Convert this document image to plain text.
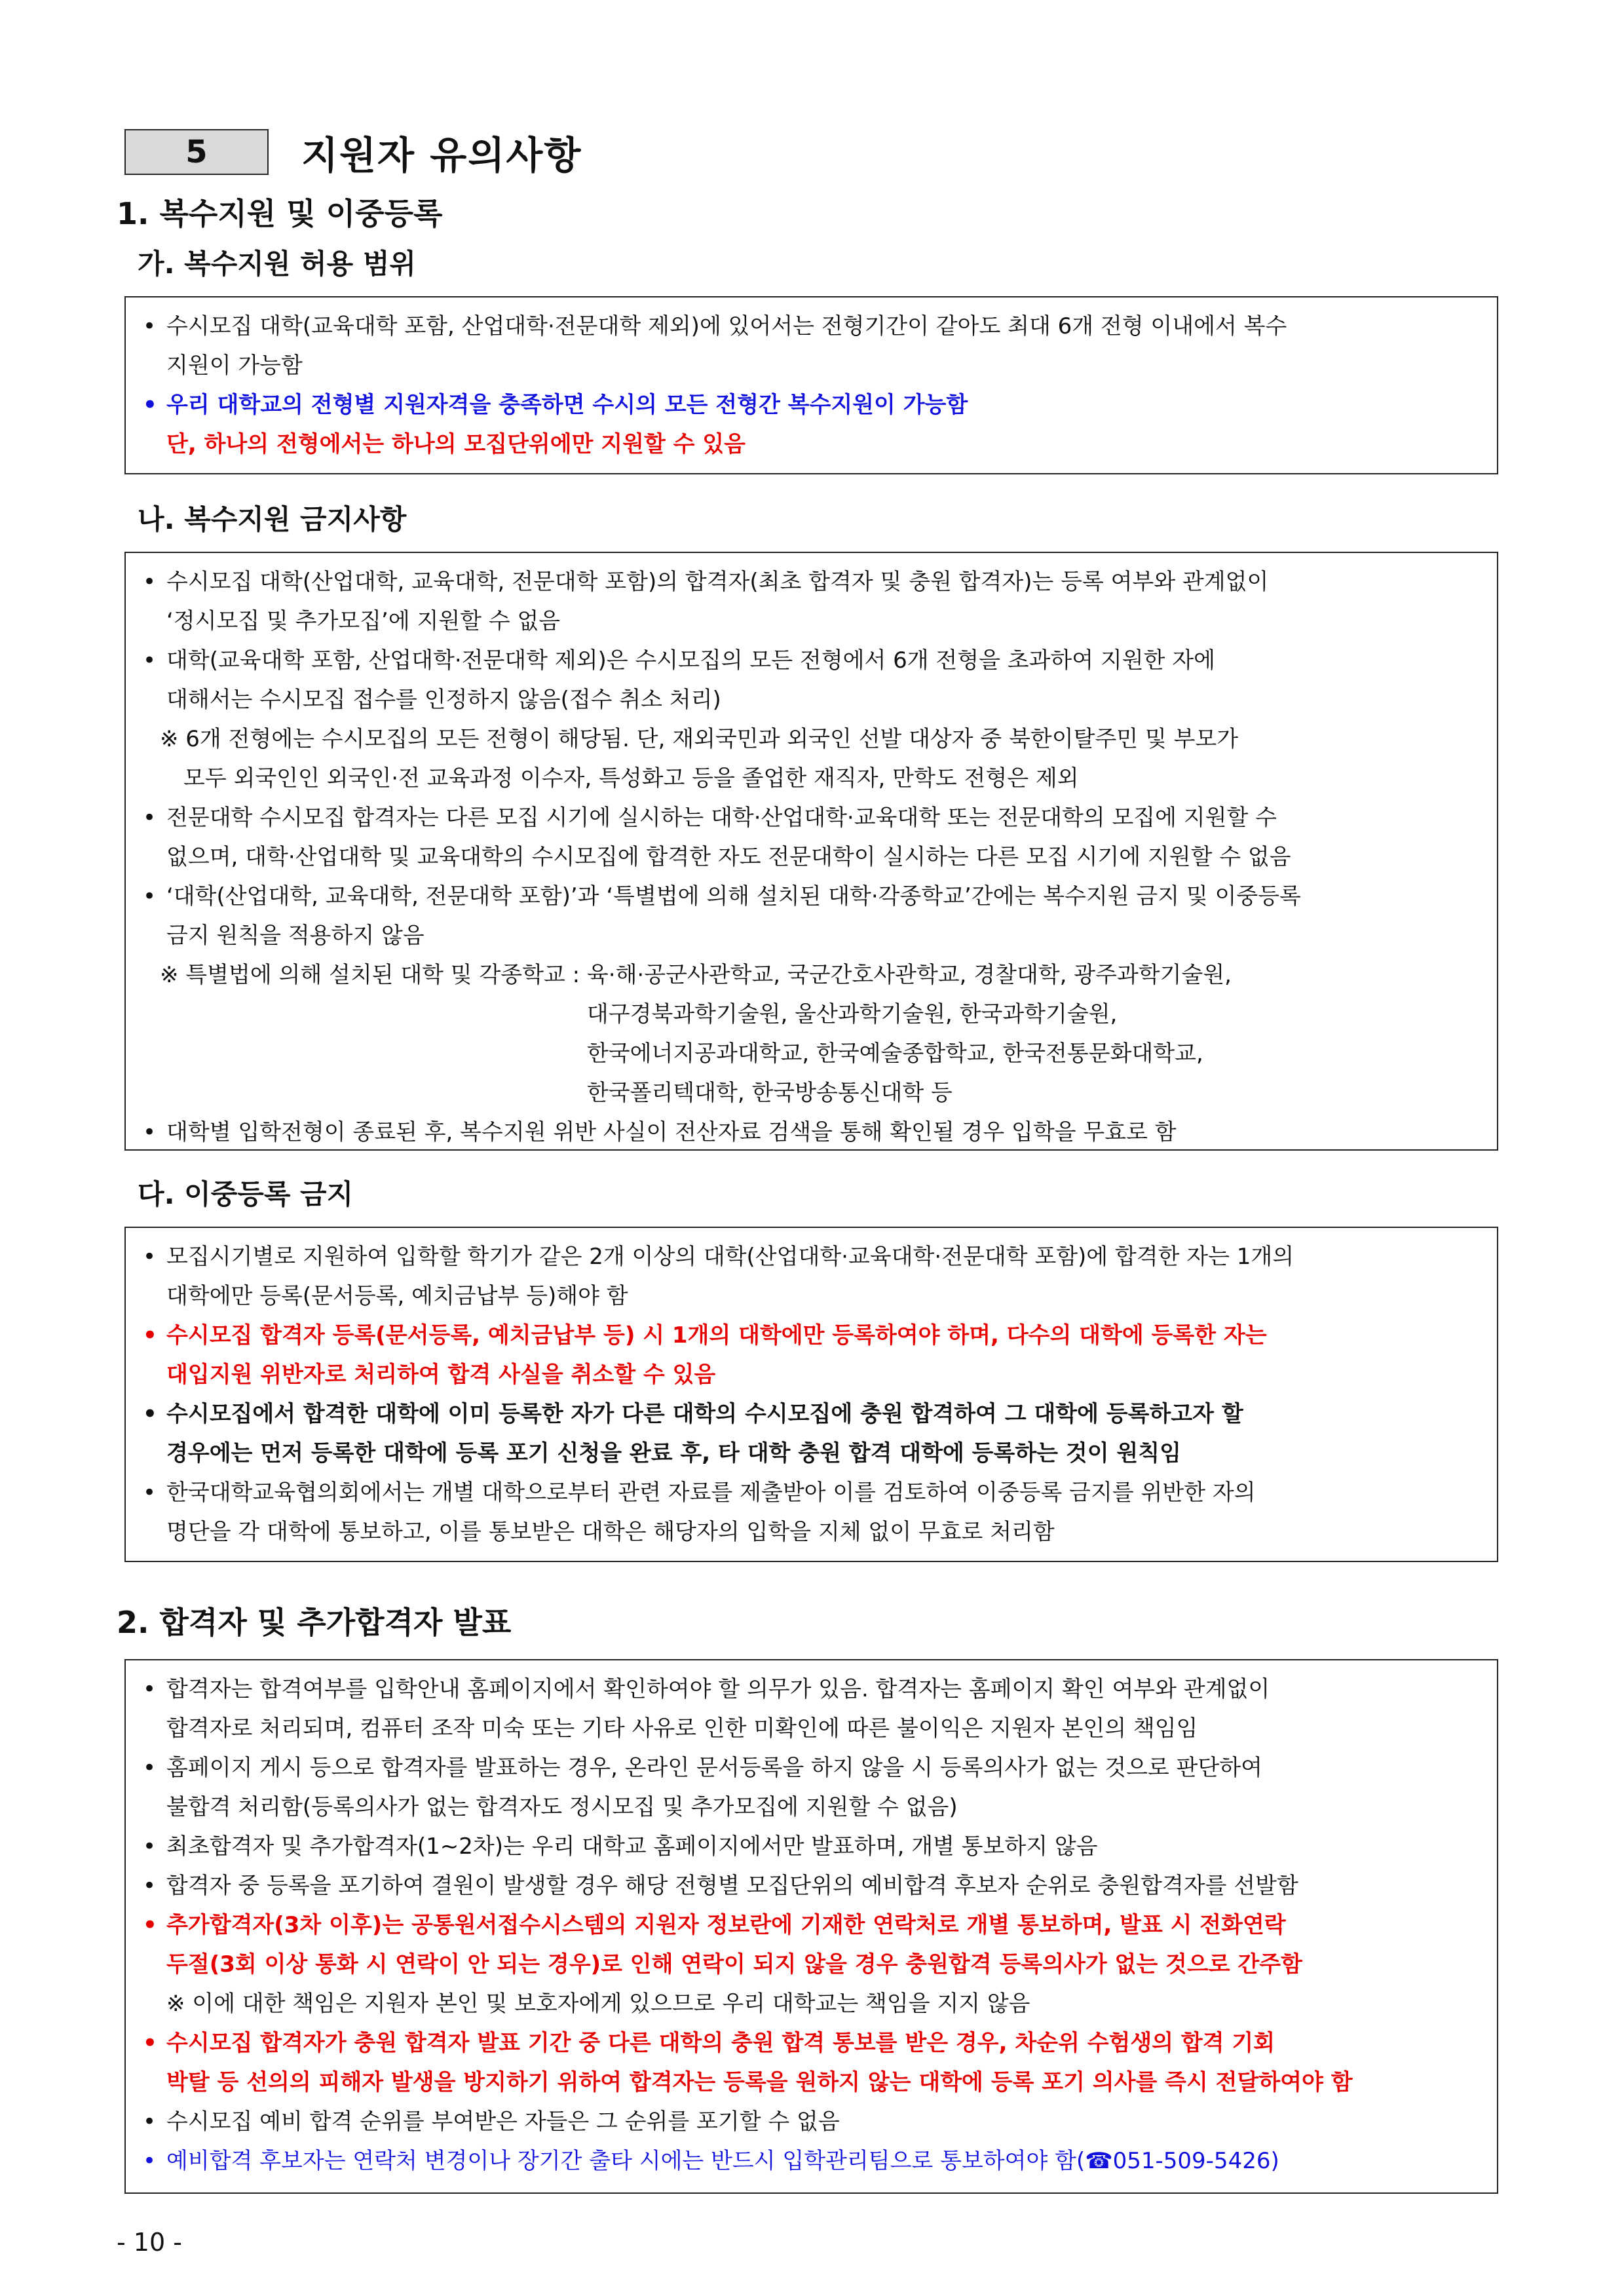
5	지원자 유의사항
1. 복수지원 및 이중등록
가. 복수지원 허용 범위
• 수시모집 대학(교육대학 포함, 산업대학·전문대학 제외)에 있어서는 전형기간이 같아도 최대 6개 전형 이내에서 복수
지원이 가능함
• 우리 대학교의 전형별 지원자격을 충족하면 수시의 모든 전형간 복수지원이 가능함
단, 하나의 전형에서는 하나의 모집단위에만 지원할 수 있음
나. 복수지원 금지사항
• 수시모집 대학(산업대학, 교육대학, 전문대학 포함)의 합격자(최초 합격자 및 충원 합격자)는 등록 여부와 관계없이
‘정시모집 및 추가모집’에 지원할 수 없음
• 대학(교육대학 포함, 산업대학·전문대학 제외)은 수시모집의 모든 전형에서 6개 전형을 초과하여 지원한 자에
대해서는 수시모집 접수를 인정하지 않음(접수 취소 처리)
※ 6개 전형에는 수시모집의 모든 전형이 해당됨. 단, 재외국민과 외국인 선발 대상자 중 북한이탈주민 및 부모가
모두 외국인인 외국인·전 교육과정 이수자, 특성화고 등을 졸업한 재직자, 만학도 전형은 제외
• 전문대학 수시모집 합격자는 다른 모집 시기에 실시하는 대학·산업대학·교육대학 또는 전문대학의 모집에 지원할 수
없으며, 대학·산업대학 및 교육대학의 수시모집에 합격한 자도 전문대학이 실시하는 다른 모집 시기에 지원할 수 없음
• ‘대학(산업대학, 교육대학, 전문대학 포함)’과 ‘특별법에 의해 설치된 대학·각종학교’간에는 복수지원 금지 및 이중등록
금지 원칙을 적용하지 않음
※ 특별법에 의해 설치된 대학 및 각종학교 : 육·해·공군사관학교, 국군간호사관학교, 경찰대학, 광주과학기술원,
대구경북과학기술원, 울산과학기술원, 한국과학기술원,
한국에너지공과대학교, 한국예술종합학교, 한국전통문화대학교,
한국폴리텍대학, 한국방송통신대학 등
• 대학별 입학전형이 종료된 후, 복수지원 위반 사실이 전산자료 검색을 통해 확인될 경우 입학을 무효로 함
다. 이중등록 금지
• 모집시기별로 지원하여 입학할 학기가 같은 2개 이상의 대학(산업대학·교육대학·전문대학 포함)에 합격한 자는 1개의
대학에만 등록(문서등록, 예치금납부 등)해야 함
• 수시모집 합격자 등록(문서등록, 예치금납부 등) 시 1개의 대학에만 등록하여야 하며, 다수의 대학에 등록한 자는
대입지원 위반자로 처리하여 합격 사실을 취소할 수 있음
• 수시모집에서 합격한 대학에 이미 등록한 자가 다른 대학의 수시모집에 충원 합격하여 그 대학에 등록하고자 할
경우에는 먼저 등록한 대학에 등록 포기 신청을 완료 후, 타 대학 충원 합격 대학에 등록하는 것이 원칙임
• 한국대학교육협의회에서는 개별 대학으로부터 관련 자료를 제출받아 이를 검토하여 이중등록 금지를 위반한 자의
명단을 각 대학에 통보하고, 이를 통보받은 대학은 해당자의 입학을 지체 없이 무효로 처리함
2. 합격자 및 추가합격자 발표
• 합격자는 합격여부를 입학안내 홈페이지에서 확인하여야 할 의무가 있음. 합격자는 홈페이지 확인 여부와 관계없이
합격자로 처리되며, 컴퓨터 조작 미숙 또는 기타 사유로 인한 미확인에 따른 불이익은 지원자 본인의 책임임
• 홈페이지 게시 등으로 합격자를 발표하는 경우, 온라인 문서등록을 하지 않을 시 등록의사가 없는 것으로 판단하여
불합격 처리함(등록의사가 없는 합격자도 정시모집 및 추가모집에 지원할 수 없음)
• 최초합격자 및 추가합격자(1~2차)는 우리 대학교 홈페이지에서만 발표하며, 개별 통보하지 않음
• 합격자 중 등록을 포기하여 결원이 발생할 경우 해당 전형별 모집단위의 예비합격 후보자 순위로 충원합격자를 선발함
• 추가합격자(3차 이후)는 공통원서접수시스템의 지원자 정보란에 기재한 연락처로 개별 통보하며, 발표 시 전화연락
두절(3회 이상 통화 시 연락이 안 되는 경우)로 인해 연락이 되지 않을 경우 충원합격 등록의사가 없는 것으로 간주함
※ 이에 대한 책임은 지원자 본인 및 보호자에게 있으므로 우리 대학교는 책임을 지지 않음
• 수시모집 합격자가 충원 합격자 발표 기간 중 다른 대학의 충원 합격 통보를 받은 경우, 차순위 수험생의 합격 기회
박탈 등 선의의 피해자 발생을 방지하기 위하여 합격자는 등록을 원하지 않는 대학에 등록 포기 의사를 즉시 전달하여야 함
• 수시모집 예비 합격 순위를 부여받은 자들은 그 순위를 포기할 수 없음
• 예비합격 후보자는 연락처 변경이나 장기간 출타 시에는 반드시 입학관리팀으로 통보하여야 함(☎051-509-5426)
- 10 -
